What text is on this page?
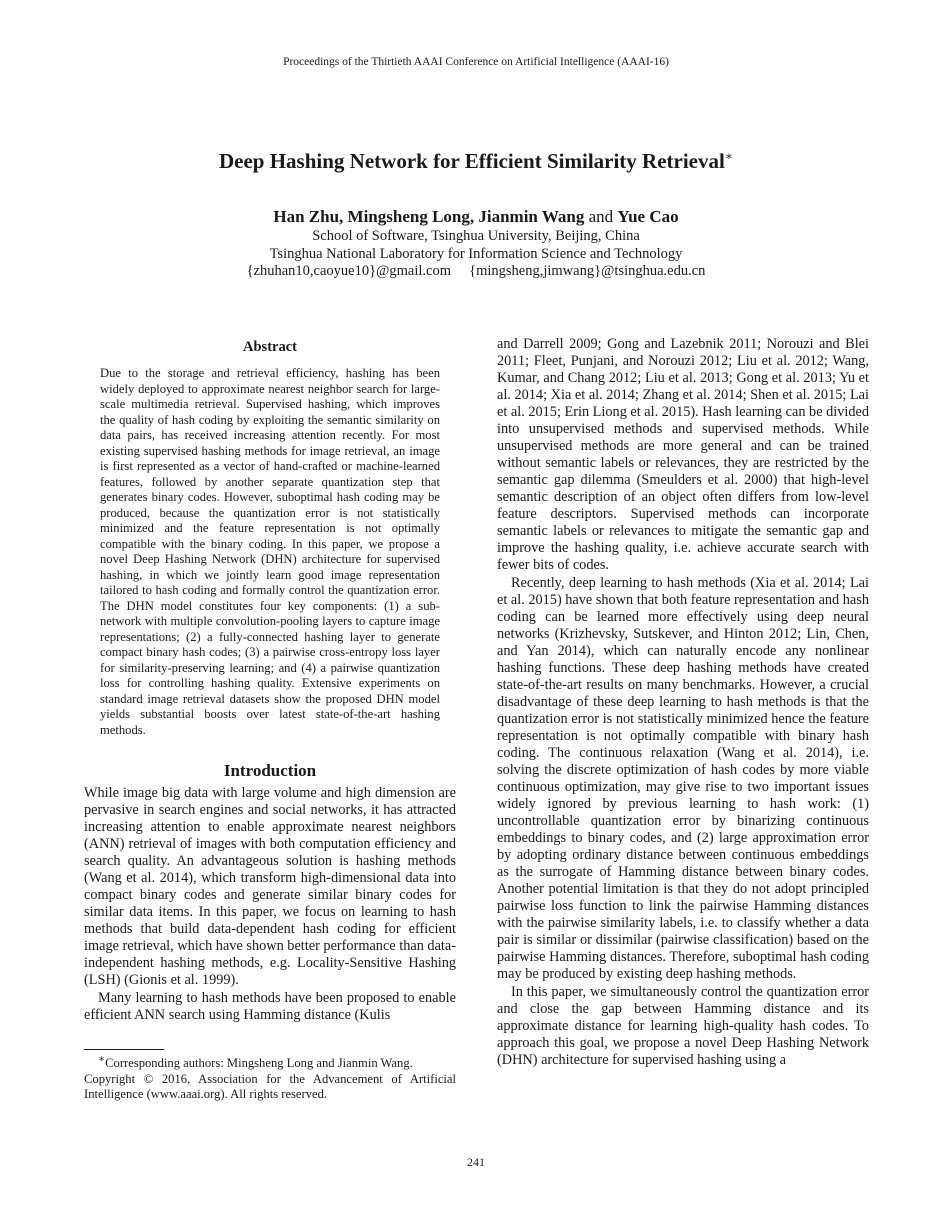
Proceedings of the Thirtieth AAAI Conference on Artificial Intelligence (AAAI-16)
Deep Hashing Network for Efficient Similarity Retrieval∗
Han Zhu, Mingsheng Long, Jianmin Wang and Yue Cao
School of Software, Tsinghua University, Beijing, China
Tsinghua National Laboratory for Information Science and Technology
{zhuhan10,caoyue10}@gmail.com {mingsheng,jimwang}@tsinghua.edu.cn
Abstract

Due to the storage and retrieval efficiency, hashing has been widely deployed to approximate nearest neighbor search for large-scale multimedia retrieval. Supervised hashing, which improves the quality of hash coding by exploiting the semantic similarity on data pairs, has received increasing attention recently. For most existing supervised hashing methods for image retrieval, an image is first represented as a vector of hand-crafted or machine-learned features, followed by another separate quantization step that generates binary codes. However, suboptimal hash coding may be produced, because the quantization error is not statistically minimized and the feature representation is not optimally compatible with the binary coding. In this paper, we propose a novel Deep Hashing Network (DHN) architecture for supervised hashing, in which we jointly learn good image representation tailored to hash coding and formally control the quantization error. The DHN model constitutes four key components: (1) a sub-network with multiple convolution-pooling layers to capture image representations; (2) a fully-connected hashing layer to generate compact binary hash codes; (3) a pairwise cross-entropy loss layer for similarity-preserving learning; and (4) a pairwise quantization loss for controlling hashing quality. Extensive experiments on standard image retrieval datasets show the proposed DHN model yields substantial boosts over latest state-of-the-art hashing methods.

Introduction

While image big data with large volume and high dimension are pervasive in search engines and social networks, it has attracted increasing attention to enable approximate nearest neighbors (ANN) retrieval of images with both computation efficiency and search quality. An advantageous solution is hashing methods (Wang et al. 2014), which transform high-dimensional data into compact binary codes and generate similar binary codes for similar data items. In this paper, we focus on learning to hash methods that build data-dependent hash coding for efficient image retrieval, which have shown better performance than data-independent hashing methods, e.g. Locality-Sensitive Hashing (LSH) (Gionis et al. 1999).

Many learning to hash methods have been proposed to enable efficient ANN search using Hamming distance (Kulis

∗Corresponding authors: Mingsheng Long and Jianmin Wang.
Copyright © 2016, Association for the Advancement of Artificial Intelligence (www.aaai.org). All rights reserved.

and Darrell 2009; Gong and Lazebnik 2011; Norouzi and Blei 2011; Fleet, Punjani, and Norouzi 2012; Liu et al. 2012; Wang, Kumar, and Chang 2012; Liu et al. 2013; Gong et al. 2013; Yu et al. 2014; Xia et al. 2014; Zhang et al. 2014; Shen et al. 2015; Lai et al. 2015; Erin Liong et al. 2015). Hash learning can be divided into unsupervised methods and supervised methods. While unsupervised methods are more general and can be trained without semantic labels or relevances, they are restricted by the semantic gap dilemma (Smeulders et al. 2000) that high-level semantic description of an object often differs from low-level feature descriptors. Supervised methods can incorporate semantic labels or relevances to mitigate the semantic gap and improve the hashing quality, i.e. achieve accurate search with fewer bits of codes.

Recently, deep learning to hash methods (Xia et al. 2014; Lai et al. 2015) have shown that both feature representation and hash coding can be learned more effectively using deep neural networks (Krizhevsky, Sutskever, and Hinton 2012; Lin, Chen, and Yan 2014), which can naturally encode any nonlinear hashing functions. These deep hashing methods have created state-of-the-art results on many benchmarks. However, a crucial disadvantage of these deep learning to hash methods is that the quantization error is not statistically minimized hence the feature representation is not optimally compatible with binary hash coding. The continuous relaxation (Wang et al. 2014), i.e. solving the discrete optimization of hash codes by more viable continuous optimization, may give rise to two important issues widely ignored by previous learning to hash work: (1) uncontrollable quantization error by binarizing continuous embeddings to binary codes, and (2) large approximation error by adopting ordinary distance between continuous embeddings as the surrogate of Hamming distance between binary codes. Another potential limitation is that they do not adopt principled pairwise loss function to link the pairwise Hamming distances with the pairwise similarity labels, i.e. to classify whether a data pair is similar or dissimilar (pairwise classification) based on the pairwise Hamming distances. Therefore, suboptimal hash coding may be produced by existing deep hashing methods.

In this paper, we simultaneously control the quantization error and close the gap between Hamming distance and its approximate distance for learning high-quality hash codes. To approach this goal, we propose a novel Deep Hashing Network (DHN) architecture for supervised hashing using a

241
